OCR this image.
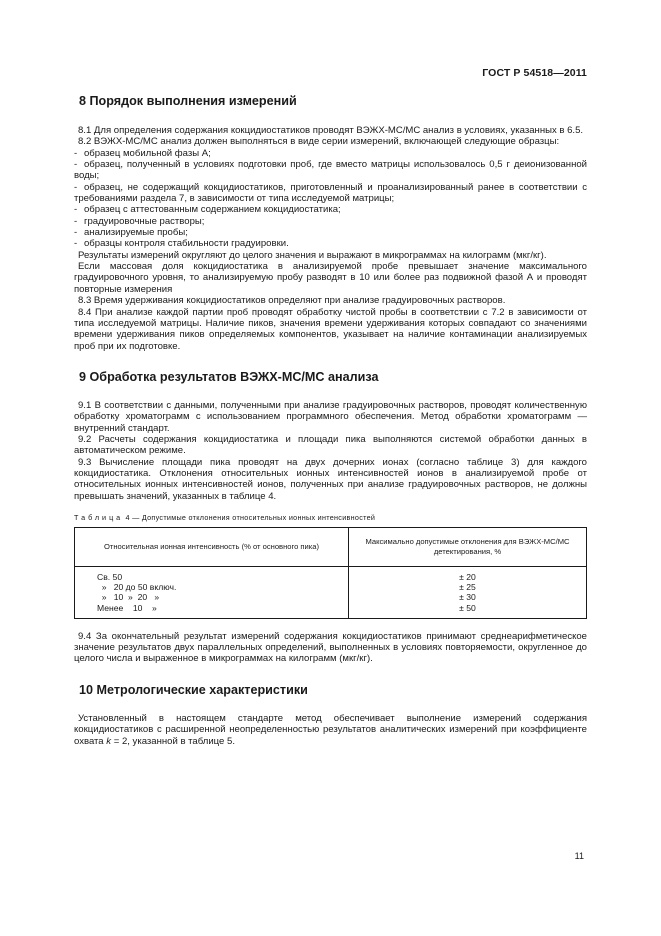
ГОСТ Р 54518—2011
8 Порядок выполнения измерений

8.1 Для определения содержания кокцидиостатиков проводят ВЭЖХ-МС/МС анализ в условиях, указанных в 6.5.

8.2 ВЭЖХ-МС/МС анализ должен выполняться в виде серии измерений, включающей следующие образцы:

- образец мобильной фазы А;

- образец, полученный в условиях подготовки проб, где вместо матрицы использовалось 0,5 г деионизованной воды;

- образец, не содержащий кокцидиостатиков, приготовленный и проанализированный ранее в соответствии с требованиями раздела 7, в зависимости от типа исследуемой матрицы;

- образец с аттестованным содержанием кокцидиостатика;

- градуировочные растворы;

- анализируемые пробы;

- образцы контроля стабильности градуировки.

Результаты измерений округляют до целого значения и выражают в микрограммах на килограмм (мкг/кг).

Если массовая доля кокцидиостатика в анализируемой пробе превышает значение максимального градуировочного уровня, то анализируемую пробу разводят в 10 или более раз подвижной фазой А и проводят повторные измерения

8.3 Время удерживания кокцидиостатиков определяют при анализе градуировочных растворов.

8.4 При анализе каждой партии проб проводят обработку чистой пробы в соответствии с 7.2 в зависимости от типа исследуемой матрицы. Наличие пиков, значения времени удерживания которых совпадают со значениями времени удерживания пиков определяемых компонентов, указывает на наличие контаминации анализируемых проб при их подготовке.

9 Обработка результатов ВЭЖХ-МС/МС анализа

9.1 В соответствии с данными, полученными при анализе градуировочных растворов, проводят количественную обработку хроматограмм с использованием программного обеспечения. Метод обработки хроматограмм — внутренний стандарт.

9.2 Расчеты содержания кокцидиостатика и площади пика выполняются системой обработки данных в автоматическом режиме.

9.3 Вычисление площади пика проводят на двух дочерних ионах (согласно таблице 3) для каждого кокцидиостатика. Отклонения относительных ионных интенсивностей ионов в анализируемой пробе от относительных ионных интенсивностей ионов, полученных при анализе градуировочных растворов, не должны превышать значений, указанных в таблице 4.

Таблица 4 — Допустимые отклонения относительных ионных интенсивностей
Относительная ионная интенсивность (% от основного пика)	Максимально допустимые отклонения для ВЭЖХ-МС/МС детектирования, %
Св. 50	± 20
»   20 до 50 включ.	± 25
»   10  »  20   »	± 30
Менее    10    »	± 50

9.4 За окончательный результат измерений содержания кокцидиостатиков принимают среднеарифметическое значение результатов двух параллельных определений, выполненных в условиях повторяемости, округленное до целого числа и выраженное в микрограммах на килограмм (мкг/кг).

10 Метрологические характеристики

Установленный в настоящем стандарте метод обеспечивает выполнение измерений содержания кокцидиостатиков с расширенной неопределенностью результатов аналитических измерений при коэффициенте охвата k = 2, указанной в таблице 5.

11
